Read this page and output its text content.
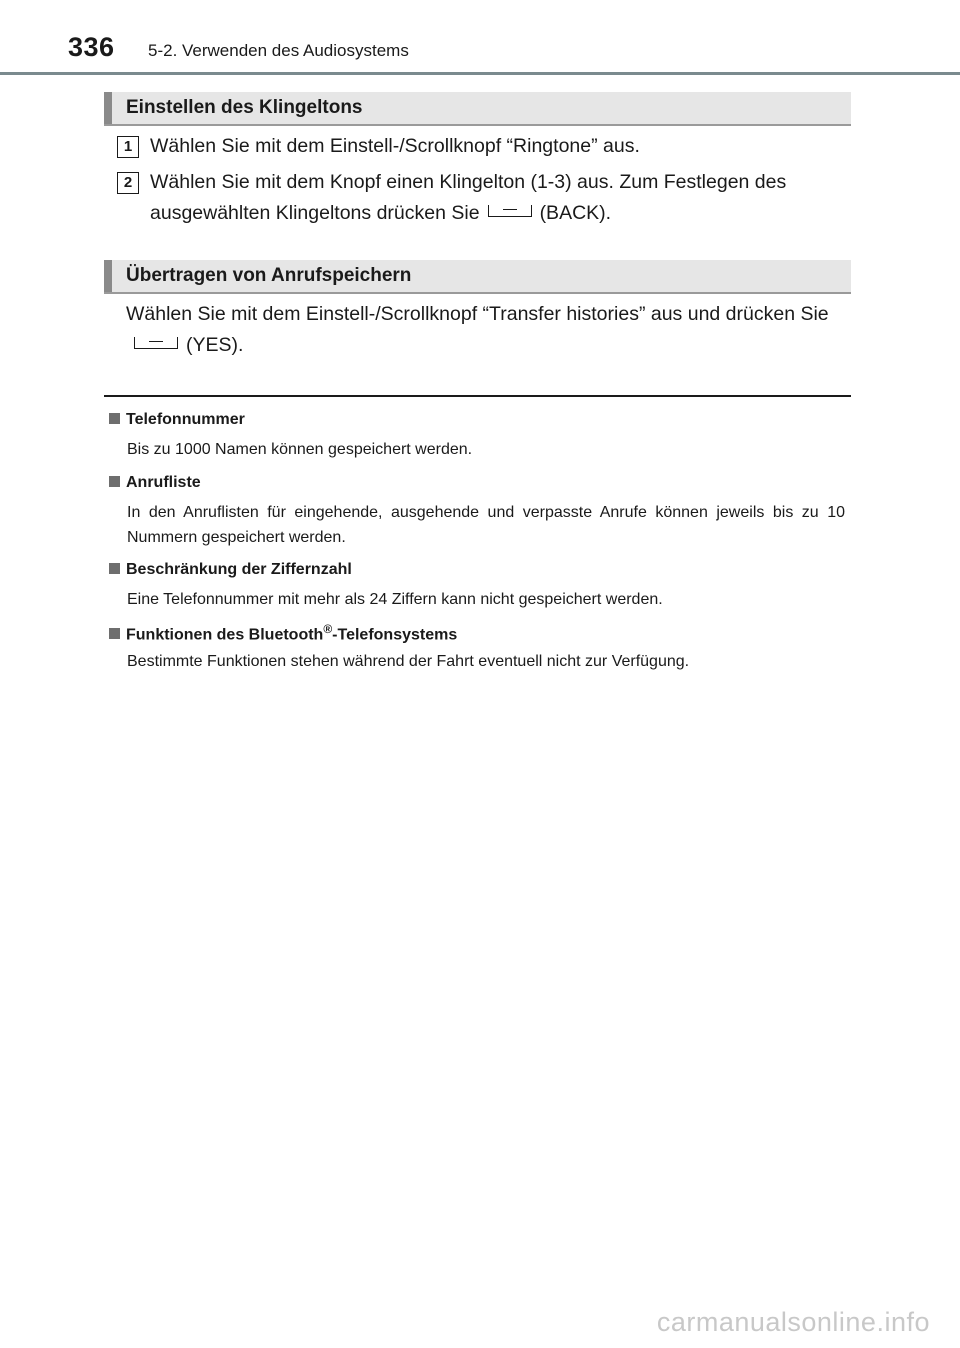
336 5-2. Verwenden des Audiosystems
Einstellen des Klingeltons
1 Wählen Sie mit dem Einstell-/Scrollknopf “Ringtone” aus.
2 Wählen Sie mit dem Knopf einen Klingelton (1-3) aus. Zum Festlegen des ausgewählten Klingeltons drücken Sie	(BACK).
Übertragen von Anrufspeichern
Wählen Sie mit dem Einstell-/Scrollknopf “Transfer histories” aus und drücken Sie(YES).
Telefonnummer
Bis zu 1000 Namen können gespeichert werden.
Anrufliste
In den Anruflisten für eingehende, ausgehende und verpasste Anrufe können jeweils bis zu 10 Nummern gespeichert werden.
Beschränkung der Ziffernzahl
Eine Telefonnummer mit mehr als 24 Ziffern kann nicht gespeichert werden.
Funktionen des Bluetooth®-Telefonsystems
Bestimmte Funktionen stehen während der Fahrt eventuell nicht zur Verfügung.
carmanualsonline.info
